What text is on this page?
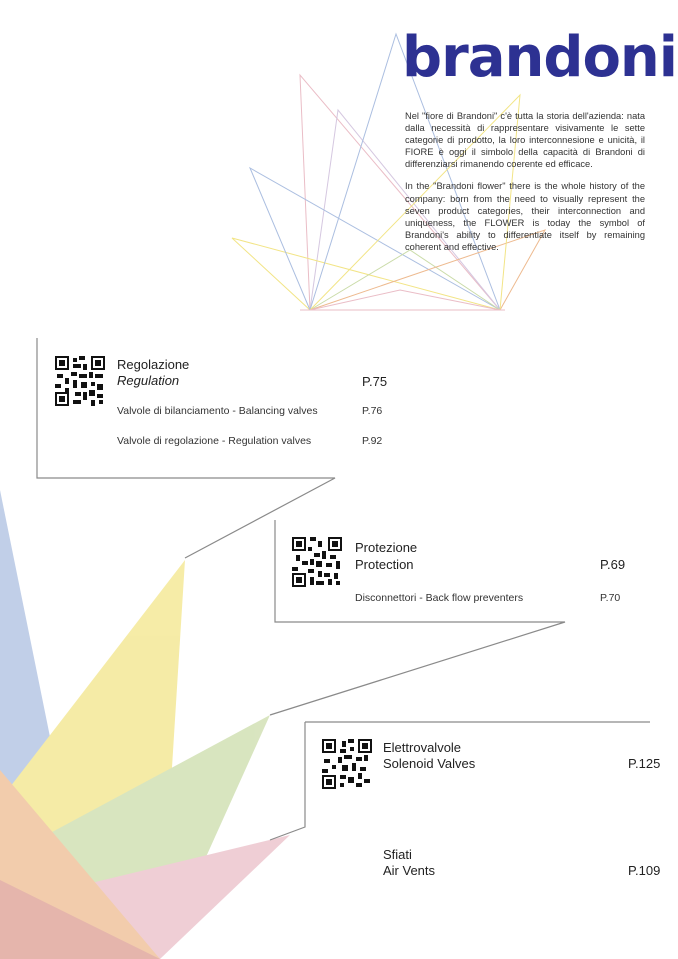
brandoni

Nel "fiore di Brandoni" c'è tutta la storia dell'azienda: nata dalla necessità di rappresentare visivamente le sette categorie di prodotto, la loro interconnesione e unicità, il FIORE è oggi il simbolo della capacità di Brandoni di differenziarsi rimanendo coerente ed efficace.

In the "Brandoni flower" there is the whole history of the company: born from the need to visually represent the seven product categories, their interconnection and uniqueness, the FLOWER is today the symbol of Brandoni's ability to differentiate itself by remaining coherent and effective.

Regolazione
Regulation	P.75
Valvole di bilanciamento - Balancing valves	P.76
Valvole di regolazione - Regulation valves	P.92
Protezione
Protection	P.69
Disconnettori - Back flow preventers	P.70
Elettrovalvole
Solenoid Valves	P.125
Sfiati
Air Vents	P.109
